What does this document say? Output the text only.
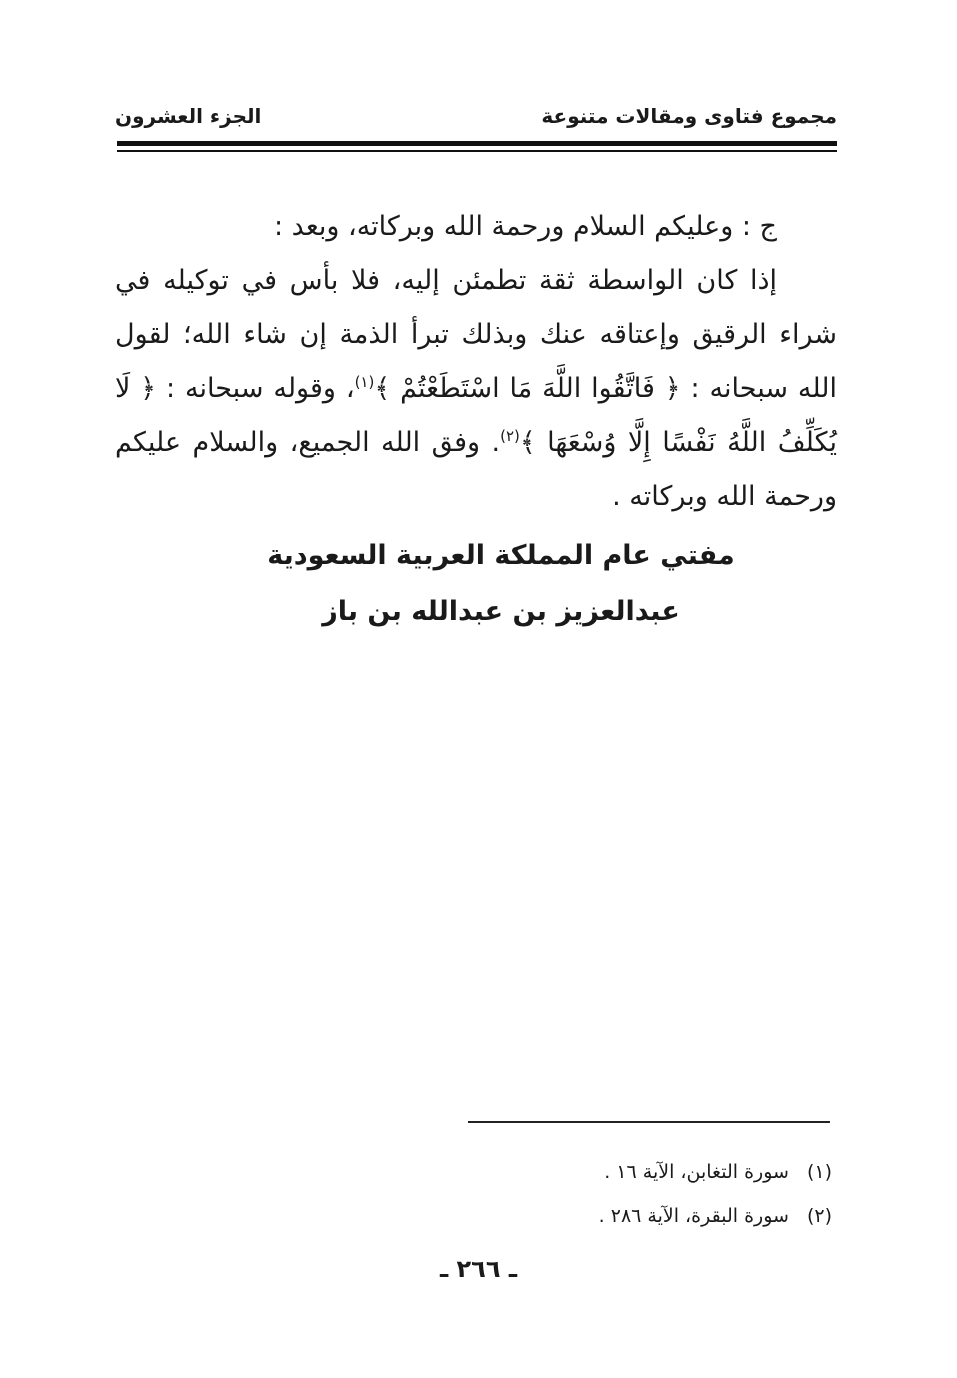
مجموع فتاوى ومقالات متنوعة
الجزء العشرون

ج : وعليكم السلام ورحمة الله وبركاته، وبعد :

إذا كان الواسطة ثقة تطمئن إليه، فلا بأس في توكيله في شراء الرقيق وإعتاقه عنك وبذلك تبرأ الذمة إن شاء الله؛ لقول الله سبحانه : ﴿ فَاتَّقُوا اللَّهَ مَا اسْتَطَعْتُمْ ﴾$^{(١)}$، وقوله سبحانه : ﴿ لَا يُكَلِّفُ اللَّهُ نَفْسًا إِلَّا وُسْعَهَا ﴾$^{(٢)}$. وفق الله الجميع، والسلام عليكم ورحمة الله وبركاته .

مفتي عام المملكة العربية السعودية
عبدالعزيز بن عبدالله بن باز
(١)
سورة التغابن، الآية ١٦ .
(٢)
سورة البقرة، الآية ٢٨٦ .
ـ ٢٦٦ ـ
